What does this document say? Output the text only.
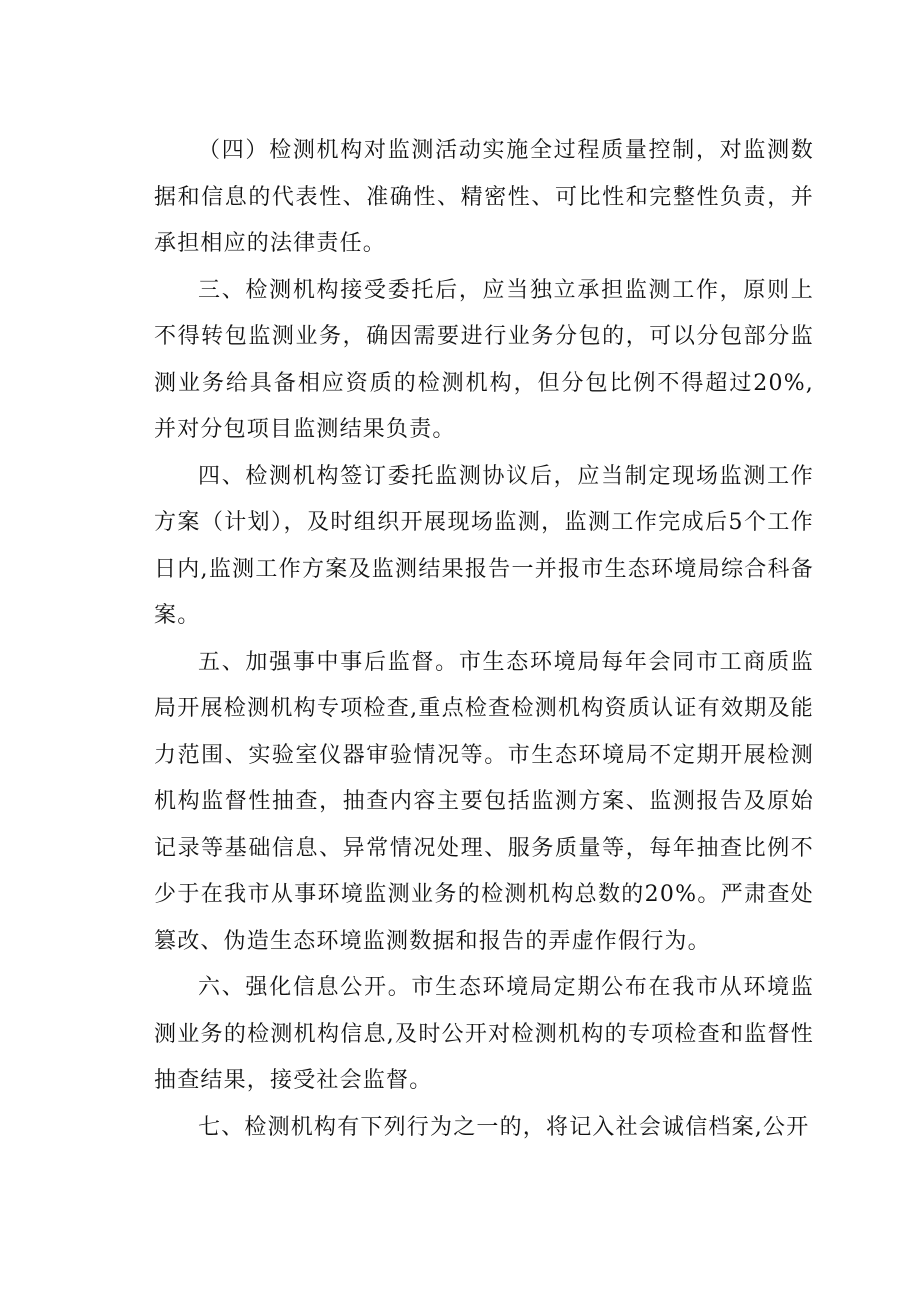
（四）检测机构对监测活动实施全过程质量控制，对监测数据和信息的代表性、准确性、精密性、可比性和完整性负责，并承担相应的法律责任。

三、检测机构接受委托后，应当独立承担监测工作，原则上不得转包监测业务，确因需要进行业务分包的，可以分包部分监测业务给具备相应资质的检测机构，但分包比例不得超过20%,并对分包项目监测结果负责。

四、检测机构签订委托监测协议后，应当制定现场监测工作方案（计划），及时组织开展现场监测，监测工作完成后5个工作日内,监测工作方案及监测结果报告一并报市生态环境局综合科备案。

五、加强事中事后监督。市生态环境局每年会同市工商质监局开展检测机构专项检查,重点检查检测机构资质认证有效期及能力范围、实验室仪器审验情况等。市生态环境局不定期开展检测机构监督性抽查，抽查内容主要包括监测方案、监测报告及原始记录等基础信息、异常情况处理、服务质量等，每年抽查比例不少于在我市从事环境监测业务的检测机构总数的20%。严肃查处篡改、伪造生态环境监测数据和报告的弄虚作假行为。

六、强化信息公开。市生态环境局定期公布在我市从环境监测业务的检测机构信息,及时公开对检测机构的专项检查和监督性抽查结果，接受社会监督。

七、检测机构有下列行为之一的，将记入社会诚信档案,公开
